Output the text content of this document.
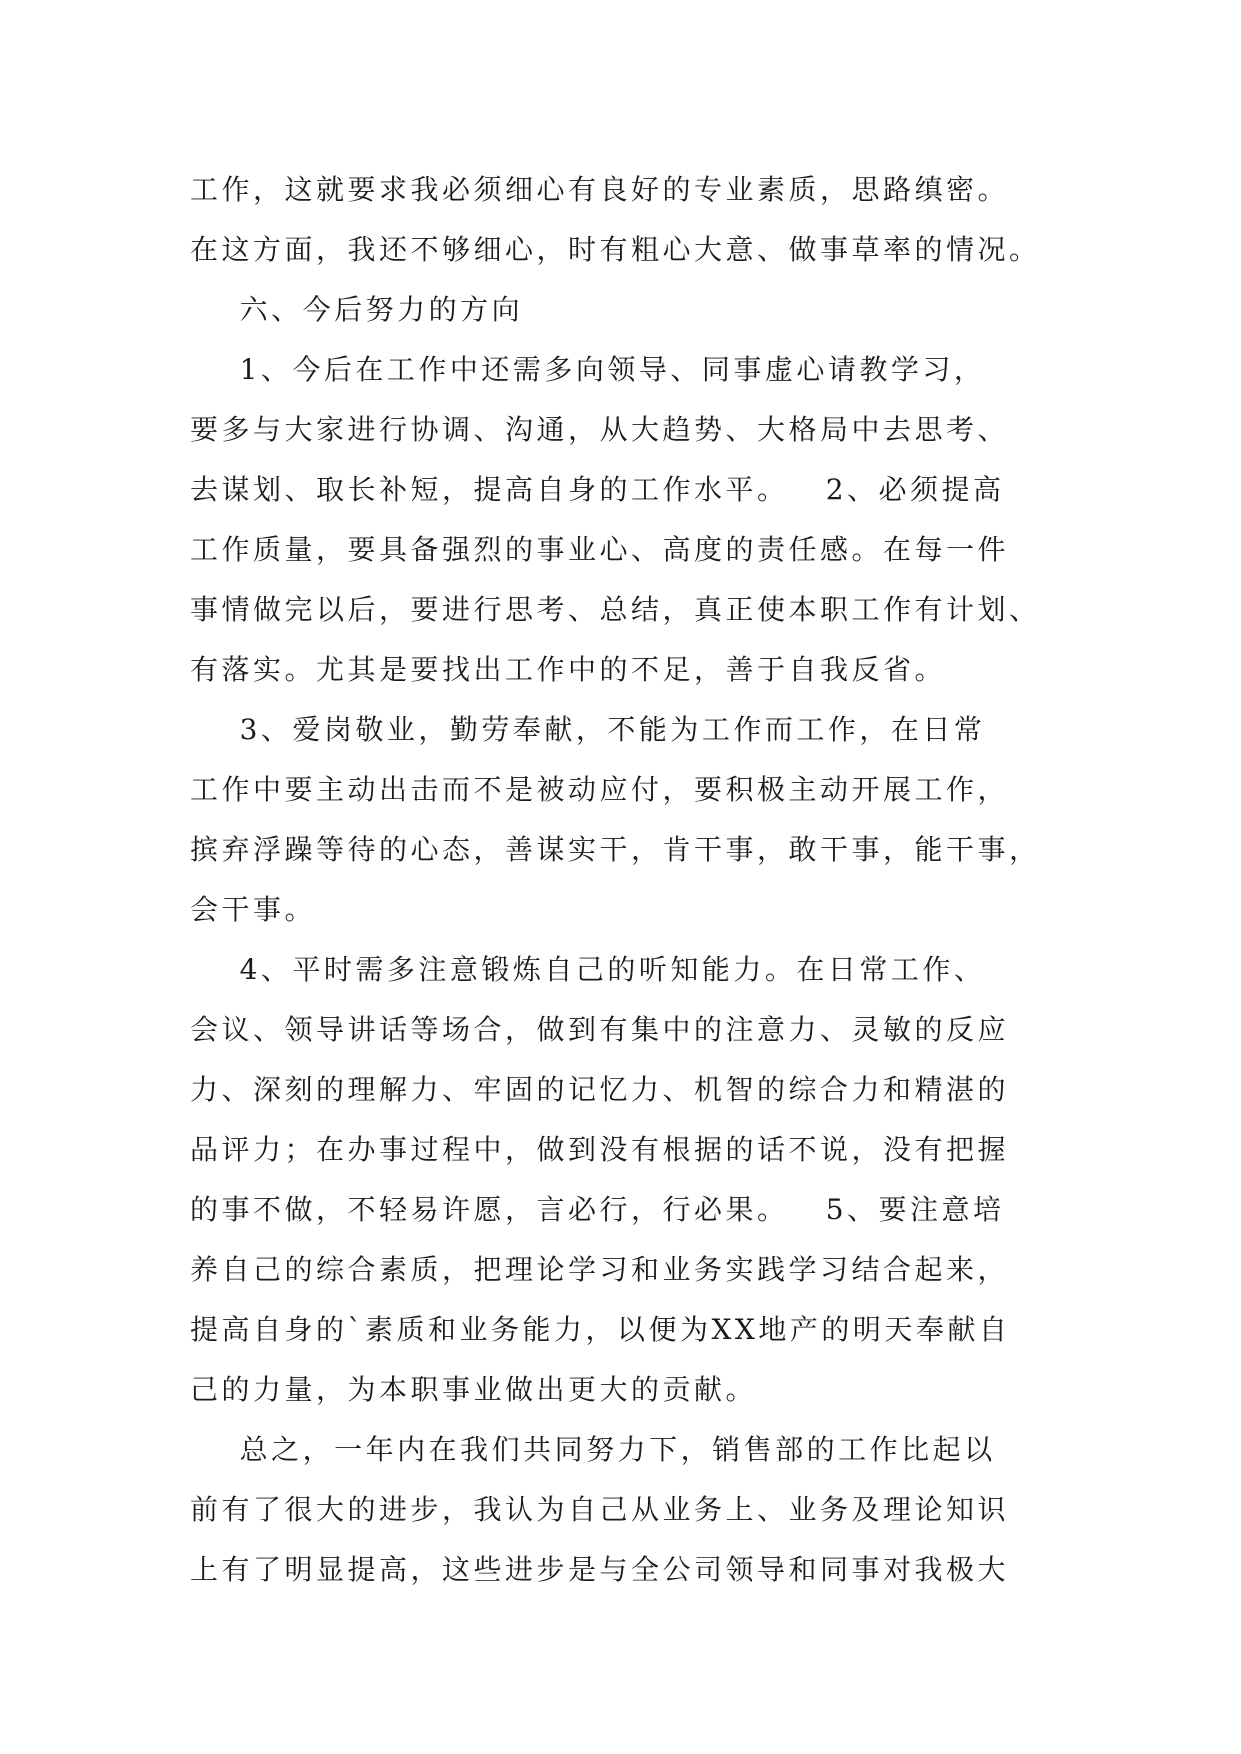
工作，这就要求我必须细心有良好的专业素质，思路缜密。
在这方面，我还不够细心，时有粗心大意、做事草率的情况。
六、今后努力的方向
1、今后在工作中还需多向领导、同事虚心请教学习，
要多与大家进行协调、沟通，从大趋势、大格局中去思考、
去谋划、取长补短，提高自身的工作水平。   2、必须提高
工作质量，要具备强烈的事业心、高度的责任感。在每一件
事情做完以后，要进行思考、总结，真正使本职工作有计划、
有落实。尤其是要找出工作中的不足，善于自我反省。
3、爱岗敬业，勤劳奉献，不能为工作而工作，在日常
工作中要主动出击而不是被动应付，要积极主动开展工作，
摈弃浮躁等待的心态，善谋实干，肯干事，敢干事，能干事，
会干事。
4、平时需多注意锻炼自己的听知能力。在日常工作、
会议、领导讲话等场合，做到有集中的注意力、灵敏的反应
力、深刻的理解力、牢固的记忆力、机智的综合力和精湛的
品评力；在办事过程中，做到没有根据的话不说，没有把握
的事不做，不轻易许愿，言必行，行必果。   5、要注意培
养自己的综合素质，把理论学习和业务实践学习结合起来，
提高自身的`素质和业务能力，以便为XX地产的明天奉献自
己的力量，为本职事业做出更大的贡献。
总之，一年内在我们共同努力下，销售部的工作比起以
前有了很大的进步，我认为自己从业务上、业务及理论知识
上有了明显提高，这些进步是与全公司领导和同事对我极大
